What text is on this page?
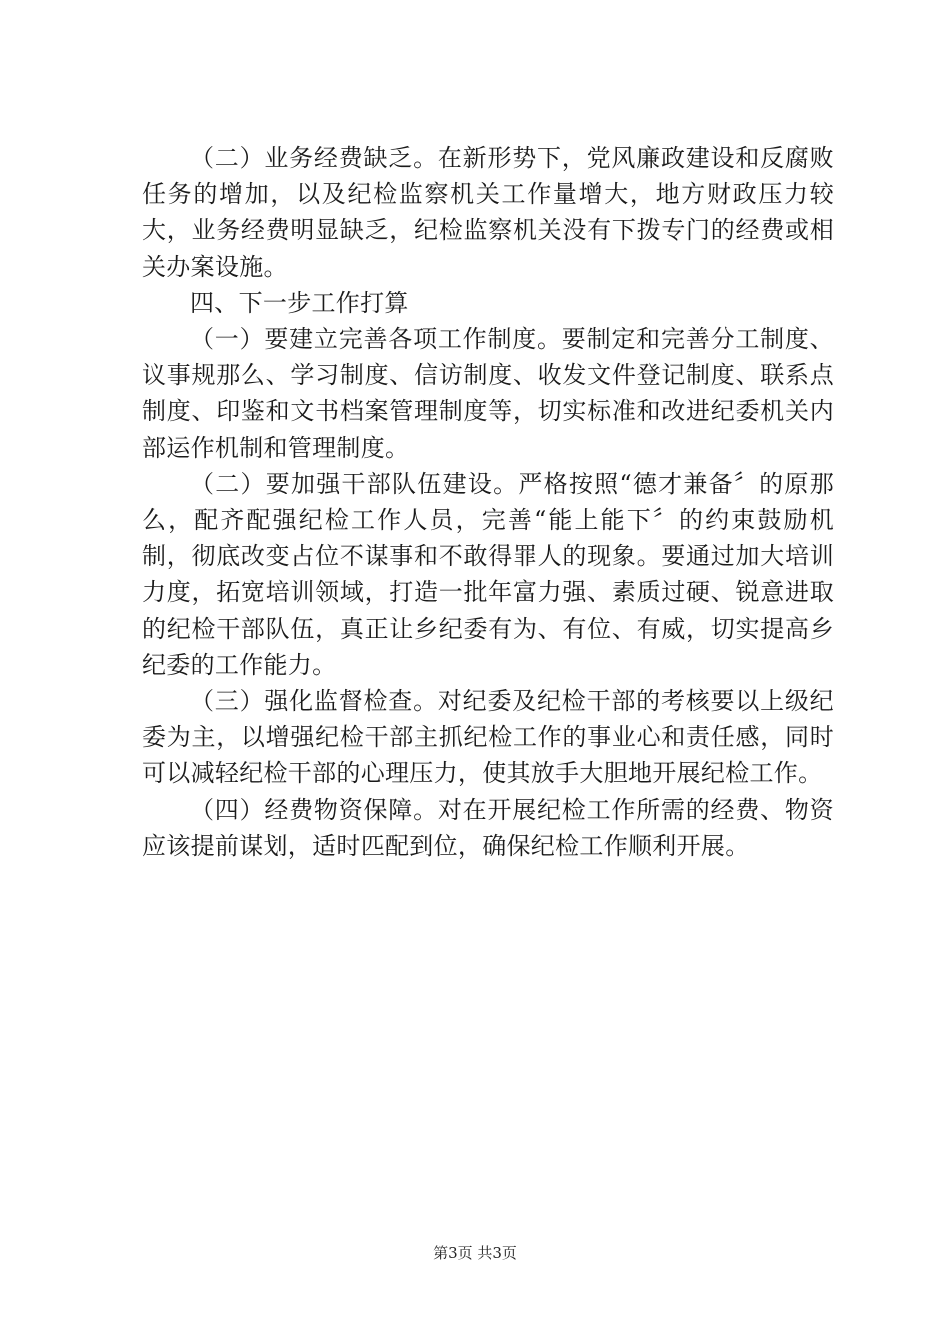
（二）业务经费缺乏。在新形势下，党风廉政建设和反腐败任务的增加，以及纪检监察机关工作量增大，地方财政压力较大，业务经费明显缺乏，纪检监察机关没有下拨专门的经费或相关办案设施。

四、下一步工作打算

（一）要建立完善各项工作制度。要制定和完善分工制度、议事规那么、学习制度、信访制度、收发文件登记制度、联系点制度、印鉴和文书档案管理制度等，切实标准和改进纪委机关内部运作机制和管理制度。

（二）要加强干部队伍建设。严格按照“德才兼备〞的原那么，配齐配强纪检工作人员，完善“能上能下〞的约束鼓励机制，彻底改变占位不谋事和不敢得罪人的现象。要通过加大培训力度，拓宽培训领域，打造一批年富力强、素质过硬、锐意进取的纪检干部队伍，真正让乡纪委有为、有位、有威，切实提高乡纪委的工作能力。

（三）强化监督检查。对纪委及纪检干部的考核要以上级纪委为主，以增强纪检干部主抓纪检工作的事业心和责任感，同时可以减轻纪检干部的心理压力，使其放手大胆地开展纪检工作。

（四）经费物资保障。对在开展纪检工作所需的经费、物资应该提前谋划，适时匹配到位，确保纪检工作顺利开展。

第3页 共3页
